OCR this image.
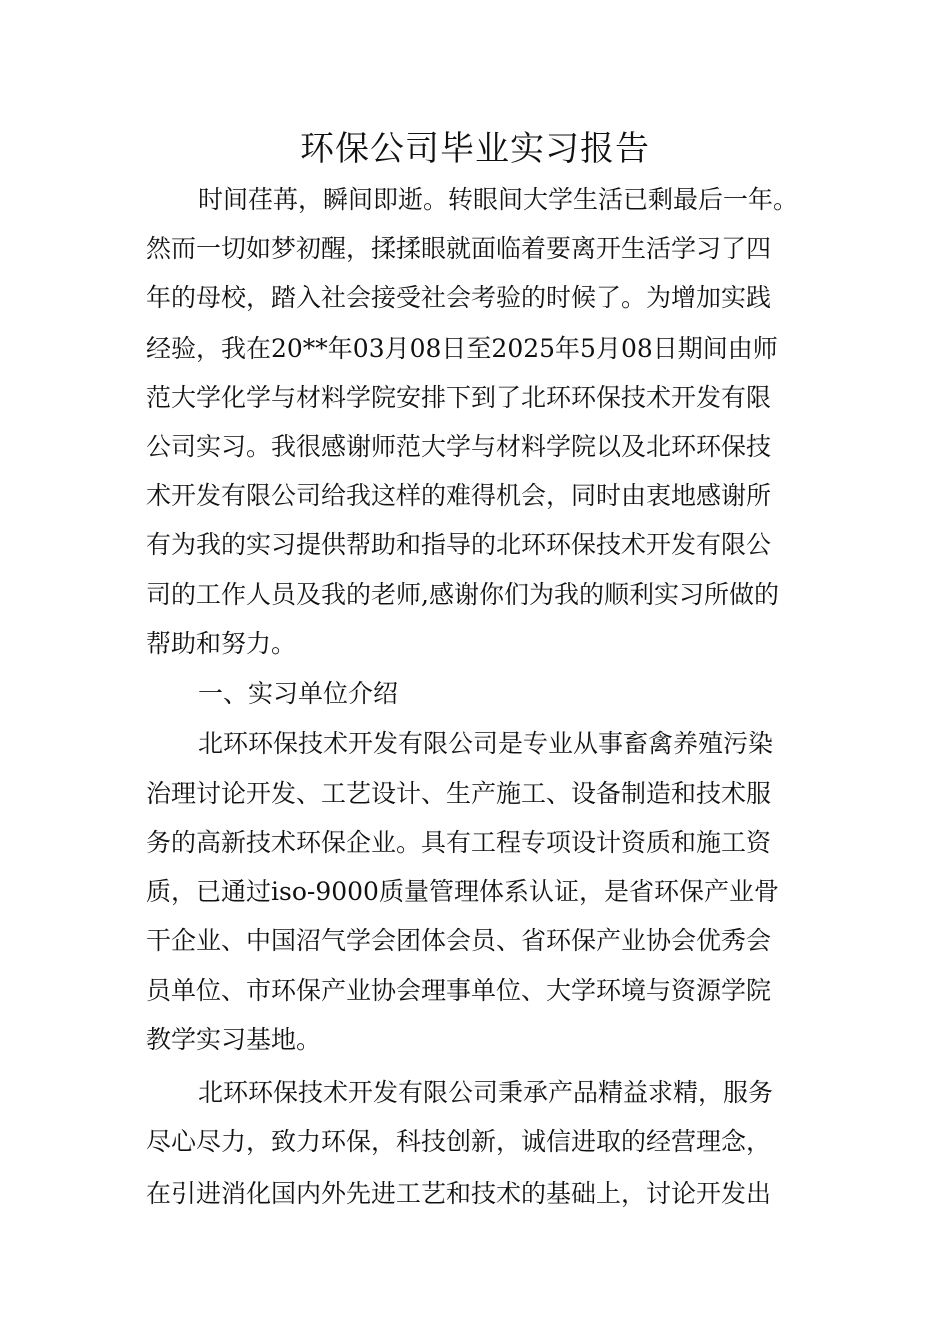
环保公司毕业实习报告

时间荏苒，瞬间即逝。转眼间大学生活已剩最后一年。

然而一切如梦初醒，揉揉眼就面临着要离开生活学习了四

年的母校，踏入社会接受社会考验的时候了。为增加实践

经验，我在20**年03月08日至2025年5月08日期间由师

范大学化学与材料学院安排下到了北环环保技术开发有限

公司实习。我很感谢师范大学与材料学院以及北环环保技

术开发有限公司给我这样的难得机会，同时由衷地感谢所

有为我的实习提供帮助和指导的北环环保技术开发有限公

司的工作人员及我的老师,感谢你们为我的顺利实习所做的

帮助和努力。

一、实习单位介绍

北环环保技术开发有限公司是专业从事畜禽养殖污染

治理讨论开发、工艺设计、生产施工、设备制造和技术服

务的高新技术环保企业。具有工程专项设计资质和施工资

质，已通过iso-9000质量管理体系认证，是省环保产业骨

干企业、中国沼气学会团体会员、省环保产业协会优秀会

员单位、市环保产业协会理事单位、大学环境与资源学院

教学实习基地。

北环环保技术开发有限公司秉承产品精益求精，服务

尽心尽力，致力环保，科技创新，诚信进取的经营理念，

在引进消化国内外先进工艺和技术的基础上，讨论开发出
